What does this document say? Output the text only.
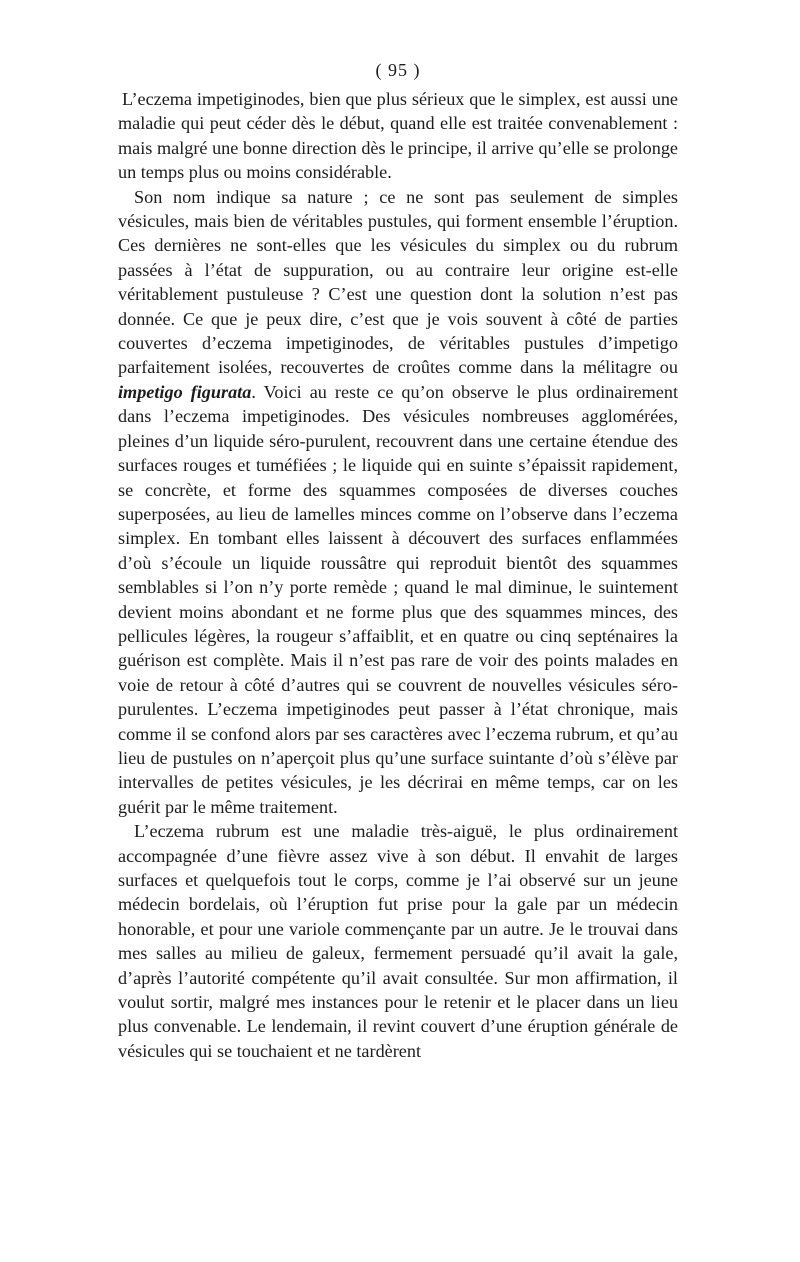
( 95 )

L’eczema impetiginodes, bien que plus sérieux que le simplex, est aussi une maladie qui peut céder dès le début, quand elle est traitée convenablement : mais malgré une bonne direction dès le principe, il arrive qu’elle se prolonge un temps plus ou moins considérable.

Son nom indique sa nature ; ce ne sont pas seulement de simples vésicules, mais bien de véritables pustules, qui forment ensemble l’éruption. Ces dernières ne sont-elles que les vésicules du simplex ou du rubrum passées à l’état de suppuration, ou au contraire leur origine est-elle véritablement pustuleuse ? C’est une question dont la solution n’est pas donnée. Ce que je peux dire, c’est que je vois souvent à côté de parties couvertes d’eczema impetiginodes, de véritables pustules d’impetigo parfaitement isolées, recouvertes de croûtes comme dans la mélitagre ou impetigo figurata. Voici au reste ce qu’on observe le plus ordinairement dans l’eczema impetiginodes. Des vésicules nombreuses agglomérées, pleines d’un liquide séro-purulent, recouvrent dans une certaine étendue des surfaces rouges et tuméfiées ; le liquide qui en suinte s’épaissit rapidement, se concrète, et forme des squammes composées de diverses couches superposées, au lieu de lamelles minces comme on l’observe dans l’eczema simplex. En tombant elles laissent à découvert des surfaces enflammées d’où s’écoule un liquide roussâtre qui reproduit bientôt des squammes semblables si l’on n’y porte remède ; quand le mal diminue, le suintement devient moins abondant et ne forme plus que des squammes minces, des pellicules légères, la rougeur s’affaiblit, et en quatre ou cinq septénaires la guérison est complète. Mais il n’est pas rare de voir des points malades en voie de retour à côté d’autres qui se couvrent de nouvelles vésicules séro-purulentes. L’eczema impetiginodes peut passer à l’état chronique, mais comme il se confond alors par ses caractères avec l’eczema rubrum, et qu’au lieu de pustules on n’aperçoit plus qu’une surface suintante d’où s’élève par intervalles de petites vésicules, je les décrirai en même temps, car on les guérit par le même traitement.

L’eczema rubrum est une maladie très-aiguë, le plus ordinairement accompagnée d’une fièvre assez vive à son début. Il envahit de larges surfaces et quelquefois tout le corps, comme je l’ai observé sur un jeune médecin bordelais, où l’éruption fut prise pour la gale par un médecin honorable, et pour une variole commençante par un autre. Je le trouvai dans mes salles au milieu de galeux, fermement persuadé qu’il avait la gale, d’après l’autorité compétente qu’il avait consultée. Sur mon affirmation, il voulut sortir, malgré mes instances pour le retenir et le placer dans un lieu plus convenable. Le lendemain, il revint couvert d’une éruption générale de vésicules qui se touchaient et ne tardèrent
